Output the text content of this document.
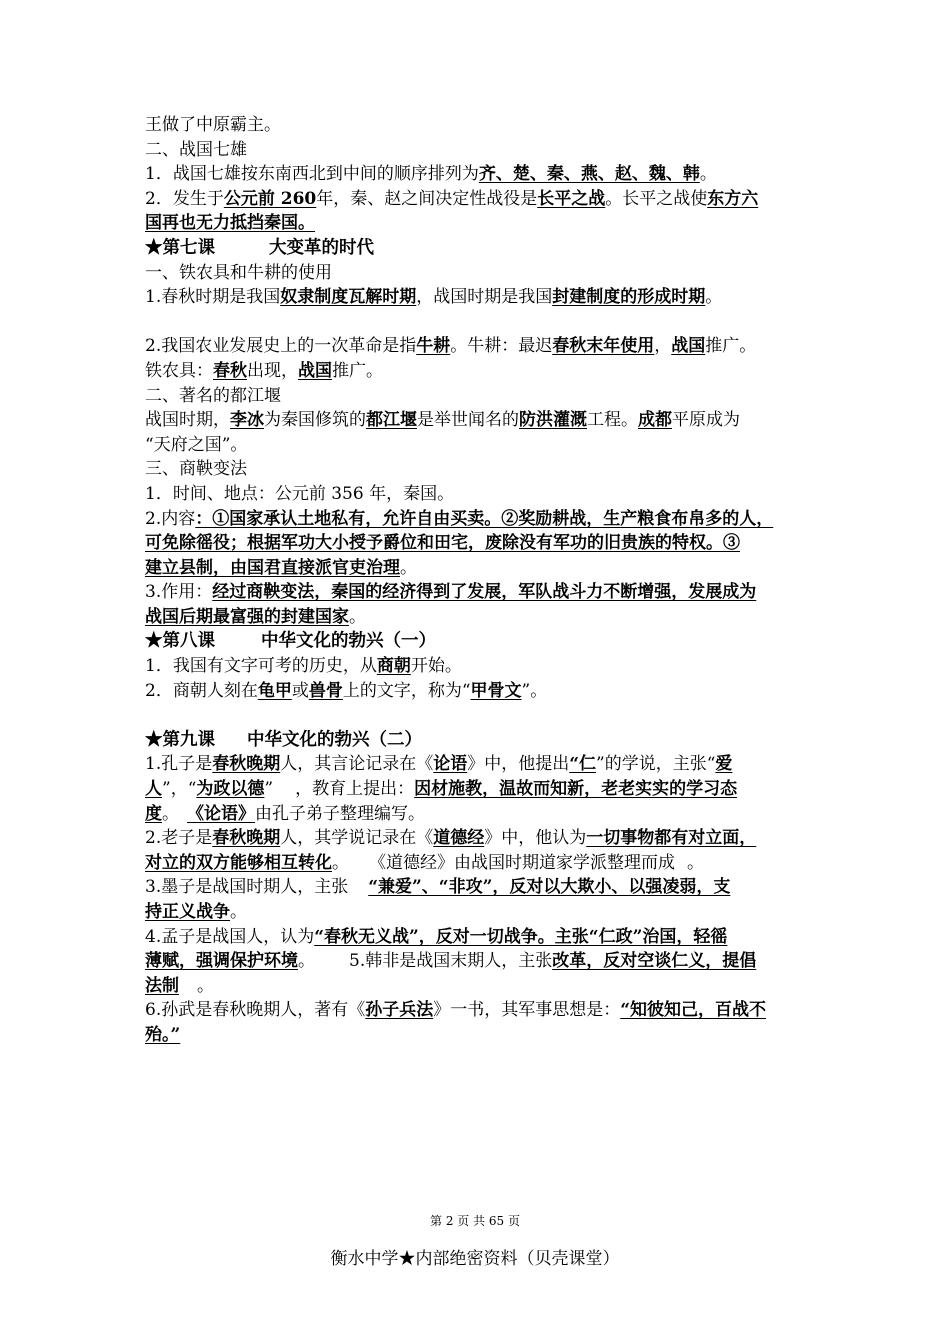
王做了中原霸主。
二、战国七雄
1．战国七雄按东南西北到中间的顺序排列为齐、楚、秦、燕、赵、魏、韩。
2．发生于公元前 260年，秦、赵之间决定性战役是长平之战。长平之战使东方六
国再也无力抵挡秦国。
★第七课	大变革的时代
一、铁农具和牛耕的使用
1.春秋时期是我国奴隶制度瓦解时期，战国时期是我国封建制度的形成时期。
2.我国农业发展史上的一次革命是指牛耕。牛耕：最迟春秋末年使用，战国推广。
铁农具：春秋出现，战国推广。
二、著名的都江堰
战国时期，李冰为秦国修筑的都江堰是举世闻名的防洪灌溉工程。成都平原成为
“天府之国”。
三、商鞅变法
1．时间、地点：公元前 356 年，秦国。
2.内容：①国家承认土地私有，允许自由买卖。②奖励耕战，生产粮食布帛多的人，
可免除徭役；根据军功大小授予爵位和田宅，废除没有军功的旧贵族的特权。③
建立县制，由国君直接派官吏治理。
3.作用：经过商鞅变法，秦国的经济得到了发展，军队战斗力不断增强，发展成为
战国后期最富强的封建国家。
★第八课	中华文化的勃兴（一）
1．我国有文字可考的历史，从商朝开始。
2．商朝人刻在龟甲或兽骨上的文字，称为“甲骨文”。
★第九课 中华文化的勃兴（二）
1.孔子是春秋晚期人，其言论记录在《论语》中，他提出“仁”的学说，主张“爱
人”，“为政以德” ，教育上提出：因材施教，温故而知新，老老实实的学习态
度。 《论语》由孔子弟子整理编写。
2.老子是春秋晚期人，其学说记录在《道德经》中，他认为一切事物都有对立面，
对立的双方能够相互转化。 《道德经》由战国时期道家学派整理而成 。
3.墨子是战国时期人，主张 “兼爱”、“非攻”，反对以大欺小、以强凌弱，支
持正义战争。
4.孟子是战国人，认为“春秋无义战”，反对一切战争。主张“仁政”治国，轻徭
薄赋，强调保护环境。 5.韩非是战国末期人，主张改革，反对空谈仁义，提倡
法制 。
6.孙武是春秋晚期人，著有《孙子兵法》一书，其军事思想是：“知彼知己，百战不
殆。”
第 2 页 共 65 页
衡水中学★内部绝密资料（贝壳课堂）
